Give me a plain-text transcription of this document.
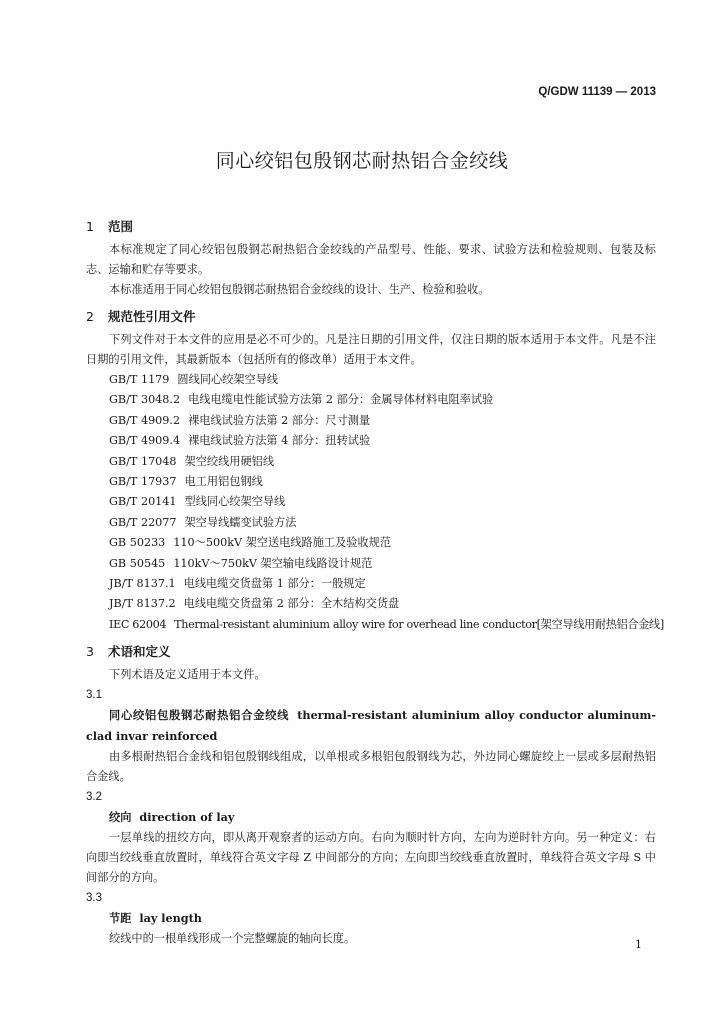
Q/GDW 11139 — 2013
同心绞铝包殷钢芯耐热铝合金绞线
1 范围
本标准规定了同心绞铝包殷钢芯耐热铝合金绞线的产品型号、性能、要求、试验方法和检验规则、包装及标志、运输和贮存等要求。
本标准适用于同心绞铝包殷钢芯耐热铝合金绞线的设计、生产、检验和验收。
2 规范性引用文件
下列文件对于本文件的应用是必不可少的。凡是注日期的引用文件，仅注日期的版本适用于本文件。凡是不注日期的引用文件，其最新版本（包括所有的修改单）适用于本文件。
GB/T 1179 圆线同心绞架空导线
GB/T 3048.2 电线电缆电性能试验方法第 2 部分：金属导体材料电阻率试验
GB/T 4909.2 裸电线试验方法第 2 部分：尺寸测量
GB/T 4909.4 裸电线试验方法第 4 部分：扭转试验
GB/T 17048 架空绞线用硬铝线
GB/T 17937 电工用铝包钢线
GB/T 20141 型线同心绞架空导线
GB/T 22077 架空导线蠕变试验方法
GB 50233 110～500kV 架空送电线路施工及验收规范
GB 50545 110kV～750kV 架空输电线路设计规范
JB/T 8137.1 电线电缆交货盘第 1 部分：一般规定
JB/T 8137.2 电线电缆交货盘第 2 部分：全木结构交货盘
IEC 62004 Thermal-resistant aluminium alloy wire for overhead line conductor[架空导线用耐热铝合金线]
3 术语和定义
下列术语及定义适用于本文件。
3.1
同心绞铝包殷钢芯耐热铝合金绞线 thermal-resistant aluminium alloy conductor aluminum-clad invar reinforced
由多根耐热铝合金线和铝包殷钢线组成，以单根或多根铝包殷钢线为芯，外边同心螺旋绞上一层或多层耐热铝合金线。
3.2
绞向 direction of lay
一层单线的扭绞方向，即从离开观察者的运动方向。右向为顺时针方向，左向为逆时针方向。另一种定义：右向即当绞线垂直放置时，单线符合英文字母 Z 中间部分的方向；左向即当绞线垂直放置时，单线符合英文字母 S 中间部分的方向。
3.3
节距 lay length
绞线中的一根单线形成一个完整螺旋的轴向长度。	1
